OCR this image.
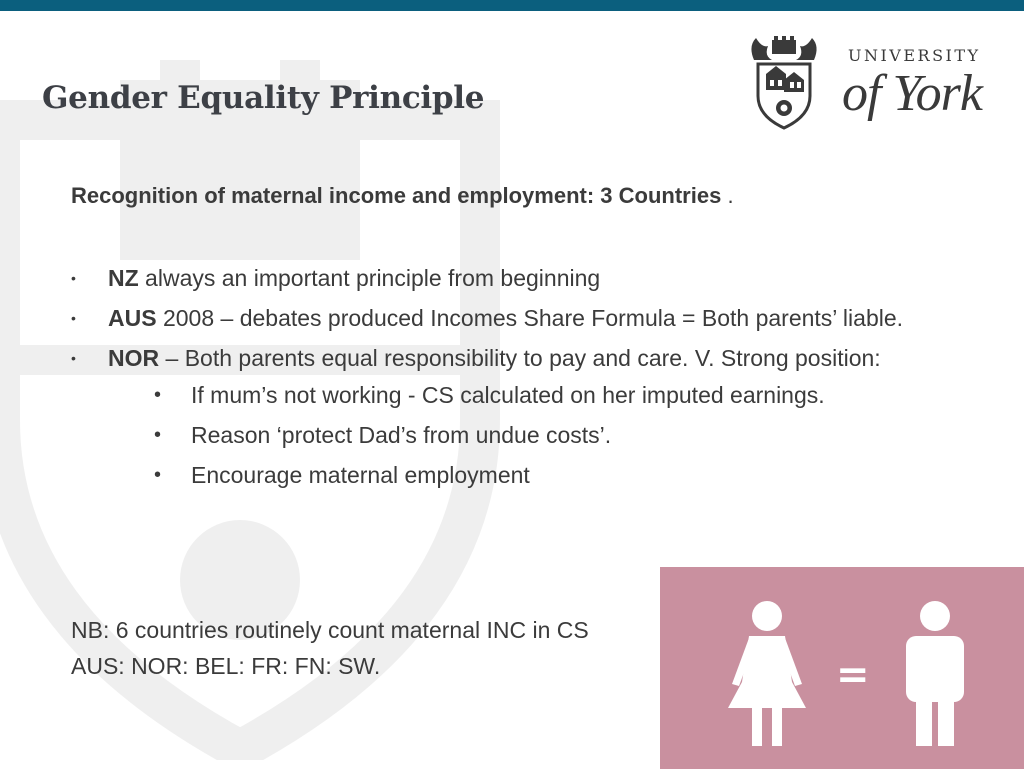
Gender Equality Principle
UNIVERSITY
of York

Recognition of maternal income and employment: 3 Countries .

• NZ always an important principle from beginning
• AUS 2008 – debates produced Incomes Share Formula = Both parents’ liable.
• NOR – Both parents equal responsibility to pay and care. V. Strong position:
• If mum’s not working - CS calculated on her imputed earnings.
• Reason ‘protect Dad’s from undue costs’.
• Encourage maternal employment
NB: 6 countries routinely count maternal INC in CS
AUS: NOR: BEL: FR: FN: SW.	=
